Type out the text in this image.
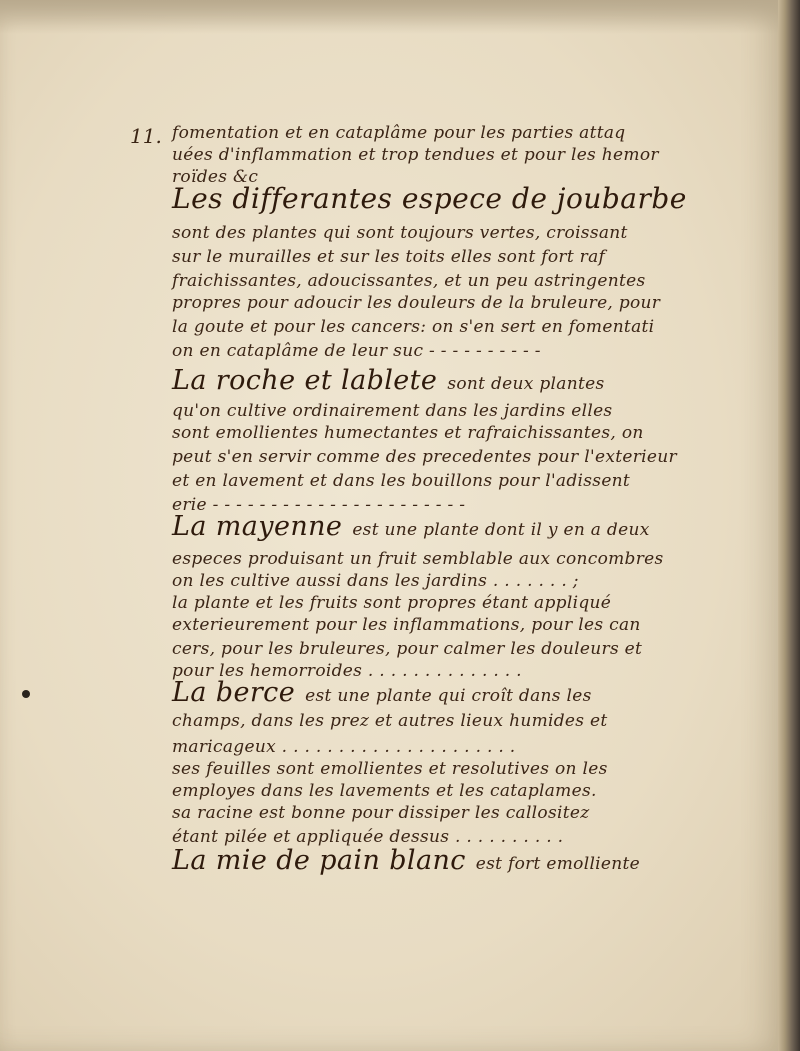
11. fomentation et en cataplâme pour les parties attaq
uées d'inflammation et trop tendues et pour les hemor
roïdes &c
Les differantes espece de joubarbe
sont des plantes qui sont toujours vertes, croissant
sur le murailles et sur les toits elles sont fort raf
fraichissantes, adoucissantes, et un peu astringentes
propres pour adoucir les douleurs de la bruleure, pour
la goute et pour les cancers: on s'en sert en fomentati
on en cataplâme de leur suc - - - - - - - - - -
La roche et lablete sont deux plantes
qu'on cultive ordinairement dans les jardins elles
sont emollientes humectantes et rafraichissantes, on
peut s'en servir comme des precedentes pour l'exterieur
et en lavement et dans les bouillons pour l'adissent
erie - - - - - - - - - - - - - - - - - - - - - -
La mayenne est une plante dont il y en a deux
especes produisant un fruit semblable aux concombres
on les cultive aussi dans les jardins . . . . . . . ;
la plante et les fruits sont propres étant appliqué
exterieurement pour les inflammations, pour les can
cers, pour les bruleures, pour calmer les douleurs et
pour les hemorroides . . . . . . . . . . . . . .
La berce est une plante qui croît dans les
champs, dans les prez et autres lieux humides et
maricageux . . . . . . . . . . . . . . . . . . . . .
ses feuilles sont emollientes et resolutives on les
employes dans les lavements et les cataplames.
sa racine est bonne pour dissiper les callositez
étant pilée et appliquée dessus . . . . . . . . . .
La mie de pain blanc est fort emolliente
